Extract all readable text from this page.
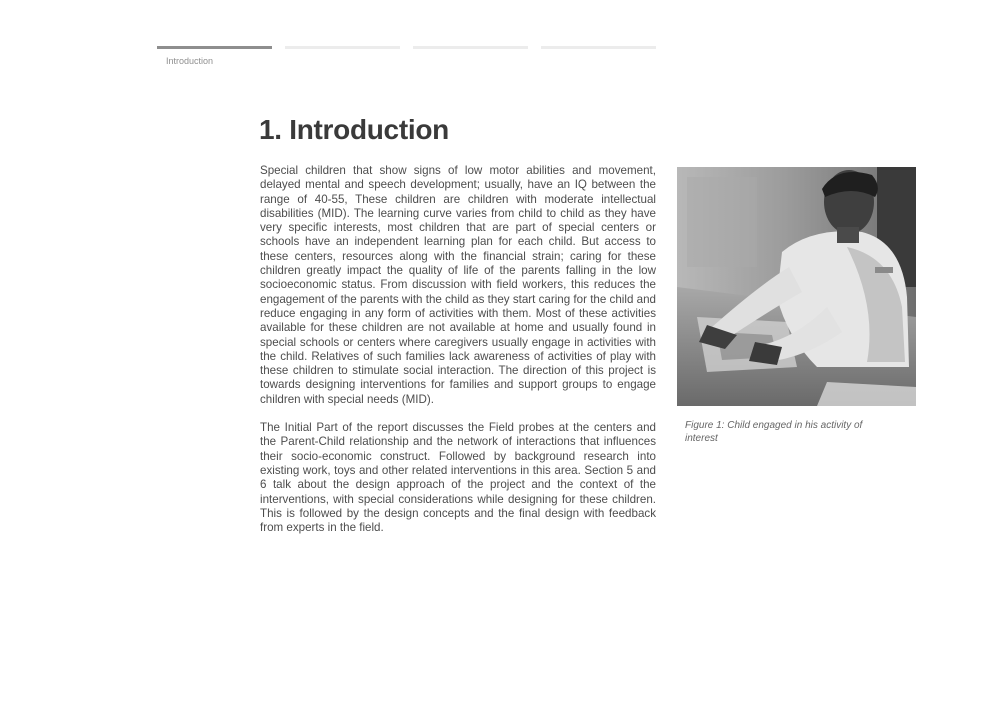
Introduction
1. Introduction

Special children that show signs of low motor abilities and movement, delayed mental and speech development; usually, have an IQ between the range of 40-55, These children are children with moderate intellectual disabilities (MID). The learning curve varies from child to child as they have very specific interests, most children that are part of special centers or schools have an independent learning plan for each child. But access to these centers, resources along with the financial strain; caring for these children greatly impact the quality of life of the parents falling in the low socioeconomic status. From discussion with field workers, this reduces the engagement of the parents with the child as they start caring for the child and reduce engaging in any form of activities with them. Most of these activities available for these children are not available at home and usually found in special schools or centers where caregivers usually engage in activities with the child. Relatives of such families lack awareness of activities of play with these children to stimulate social interaction. The direction of this project is towards designing interventions for families and support groups to engage children with special needs (MID).

The Initial Part of the report discusses the Field probes at the centers and the Parent-Child relationship and the network of interactions that influences their socio-economic construct. Followed by background research into existing work, toys and other related interventions in this area. Section 5 and 6 talk about the design approach of the project and the context of the interventions, with special considerations while designing for these children. This is followed by the design concepts and the final design with feedback from experts in the field.

Figure 1: Child engaged in his activity of interest
